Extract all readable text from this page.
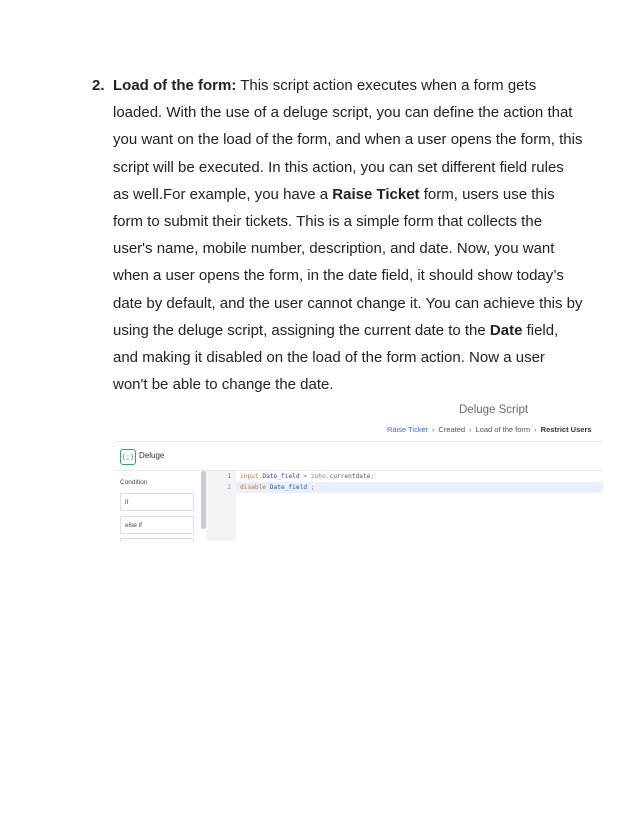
2. Load of the form: This script action executes when a form gets loaded. With the use of a deluge script, you can define the action that you want on the load of the form, and when a user opens the form, this script will be executed. In this action, you can set different field rules as well.For example, you have a Raise Ticket form, users use this form to submit their tickets. This is a simple form that collects the user's name, mobile number, description, and date. Now, you want when a user opens the form, in the date field, it should show today’s date by default, and the user cannot change it. You can achieve this by using the deluge script, assigning the current date to the Date field, and making it disabled on the load of the form action. Now a user won't be able to change the date.
Deluge Script
Raise Ticket › Created › Load of the form › Restrict Users
{;} Deluge
Condition
if
else if
1
2
input.Date_field = zoho.currentdate;
disable Date_field ;
